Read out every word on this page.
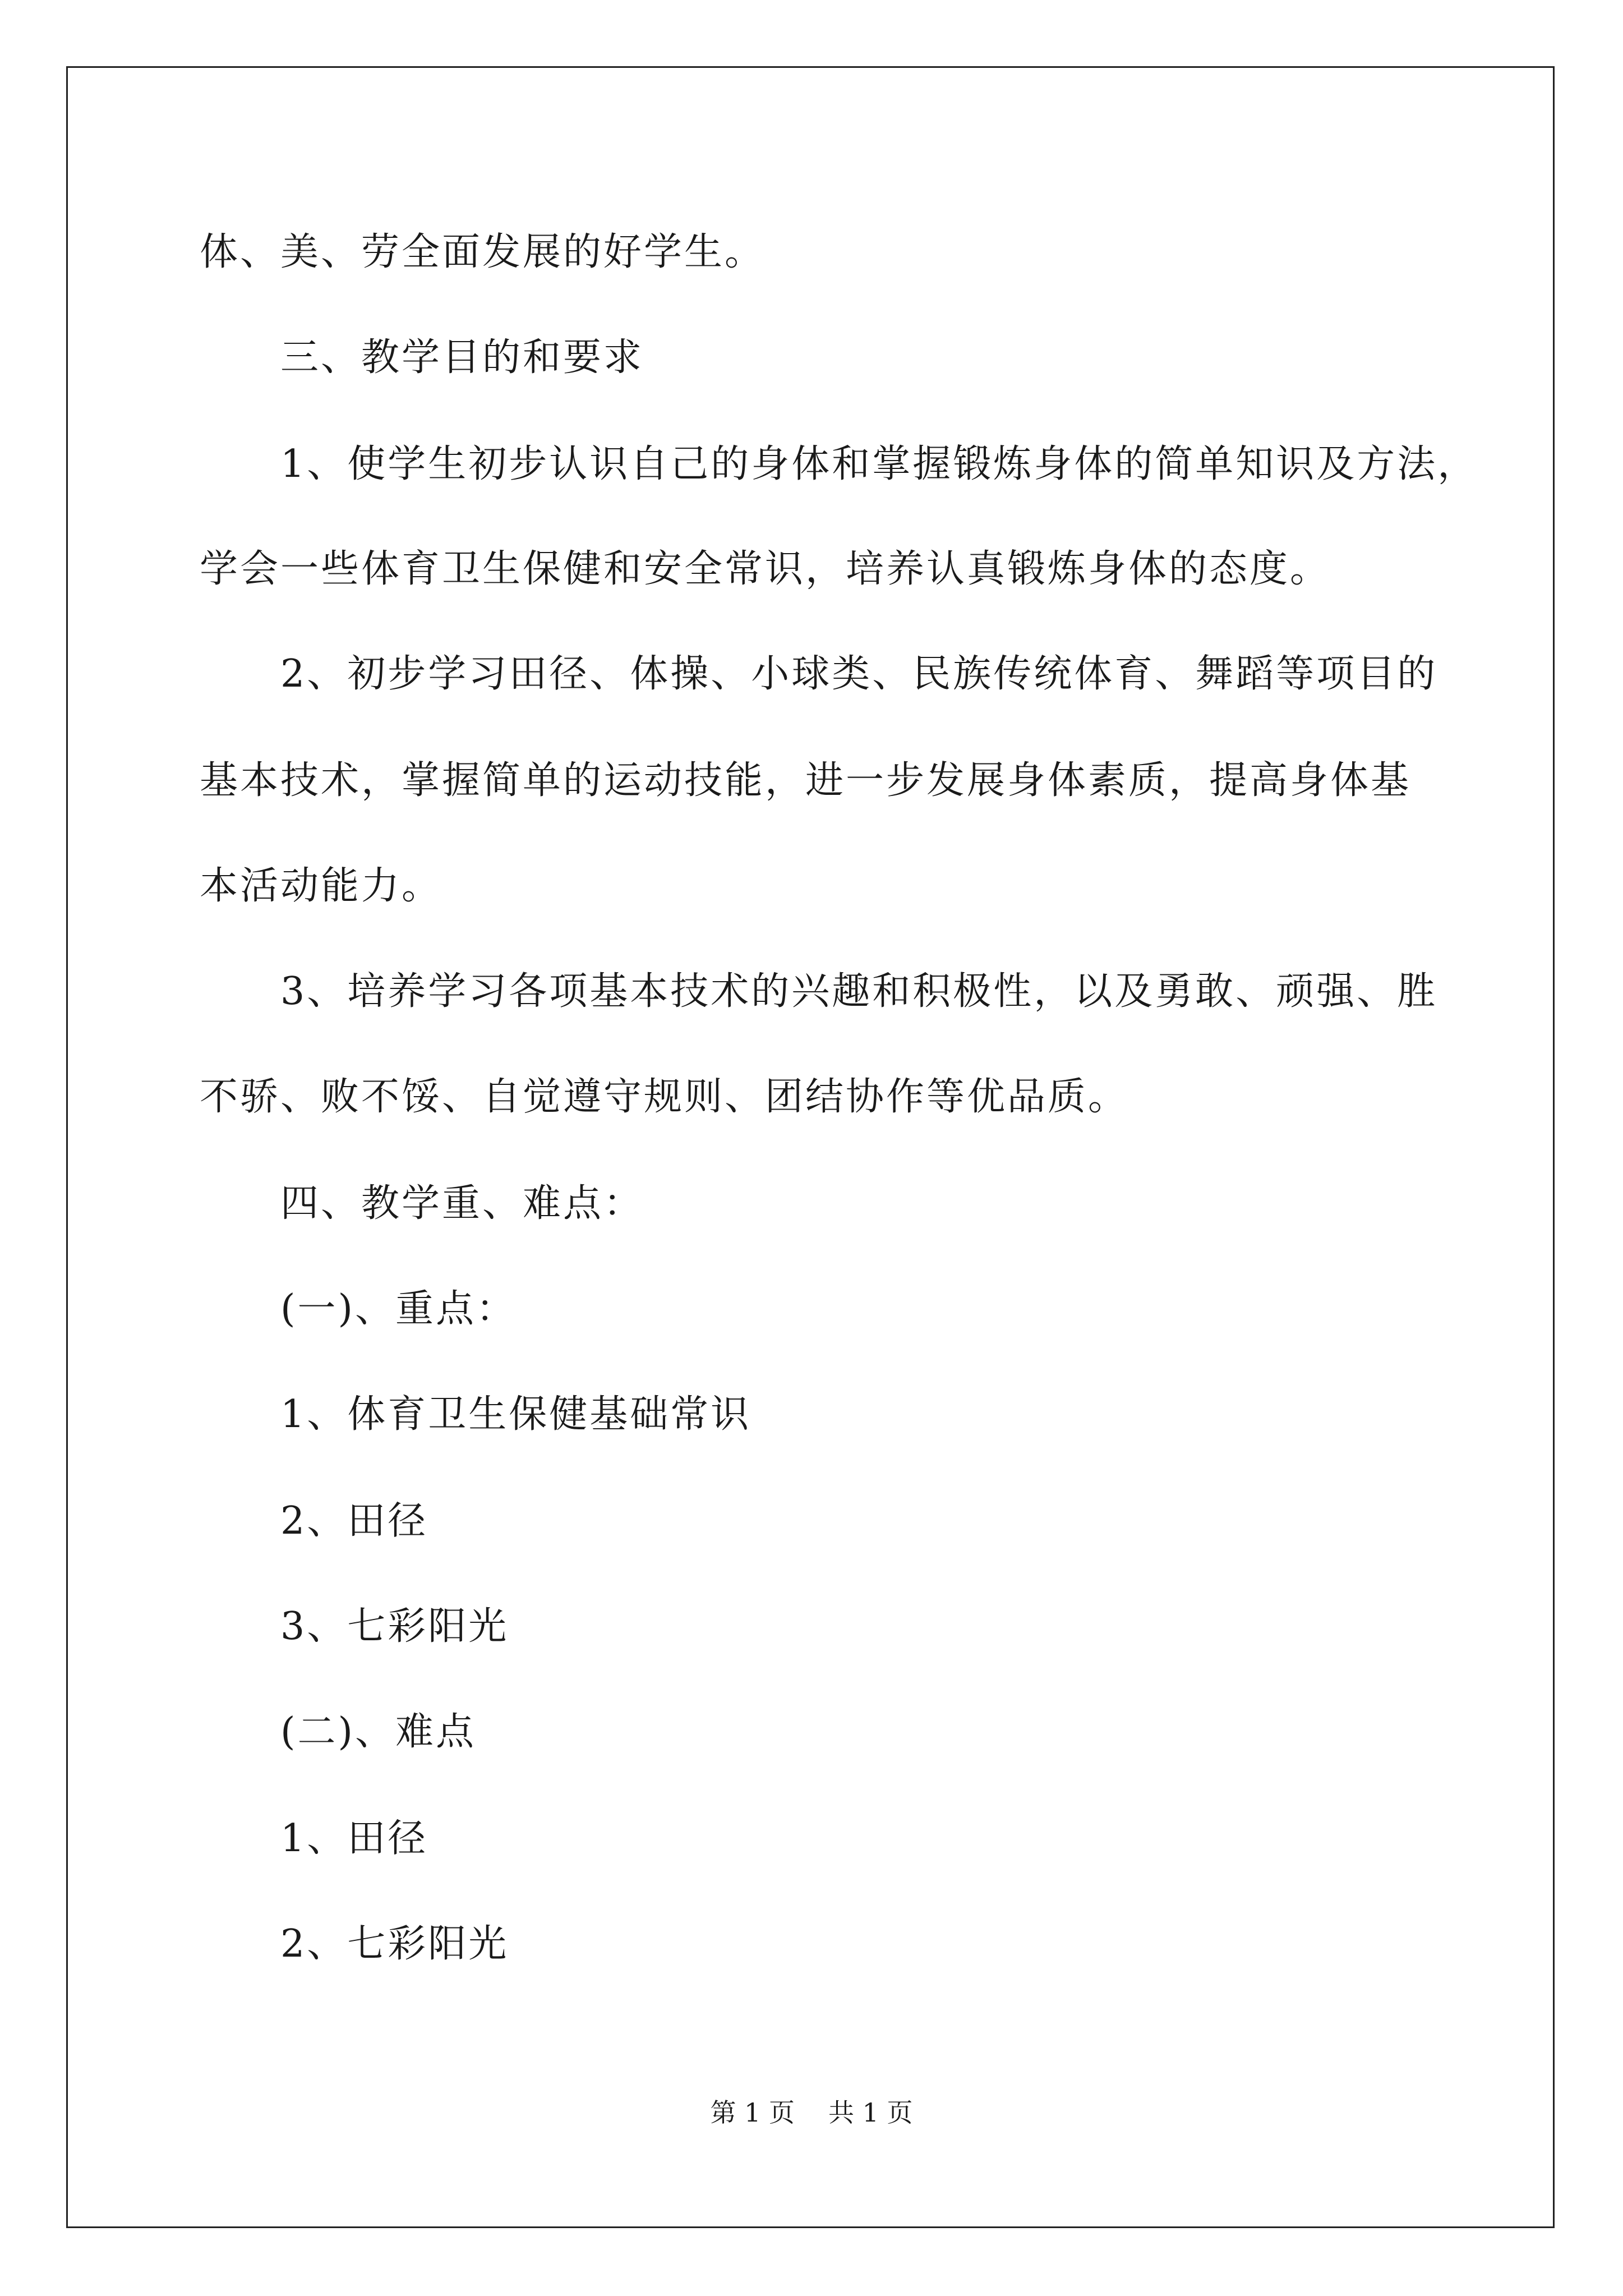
体、美、劳全面发展的好学生。
三、教学目的和要求
1、使学生初步认识自己的身体和掌握锻炼身体的简单知识及方法，
学会一些体育卫生保健和安全常识，培养认真锻炼身体的态度。
2、初步学习田径、体操、小球类、民族传统体育、舞蹈等项目的
基本技术，掌握简单的运动技能，进一步发展身体素质，提高身体基
本活动能力。
3、培养学习各项基本技术的兴趣和积极性，以及勇敢、顽强、胜
不骄、败不馁、自觉遵守规则、团结协作等优品质。
四、教学重、难点：
(一)、重点：
1、体育卫生保健基础常识
2、田径
3、七彩阳光
(二)、难点
1、田径
2、七彩阳光
第 1 页 共 1 页
